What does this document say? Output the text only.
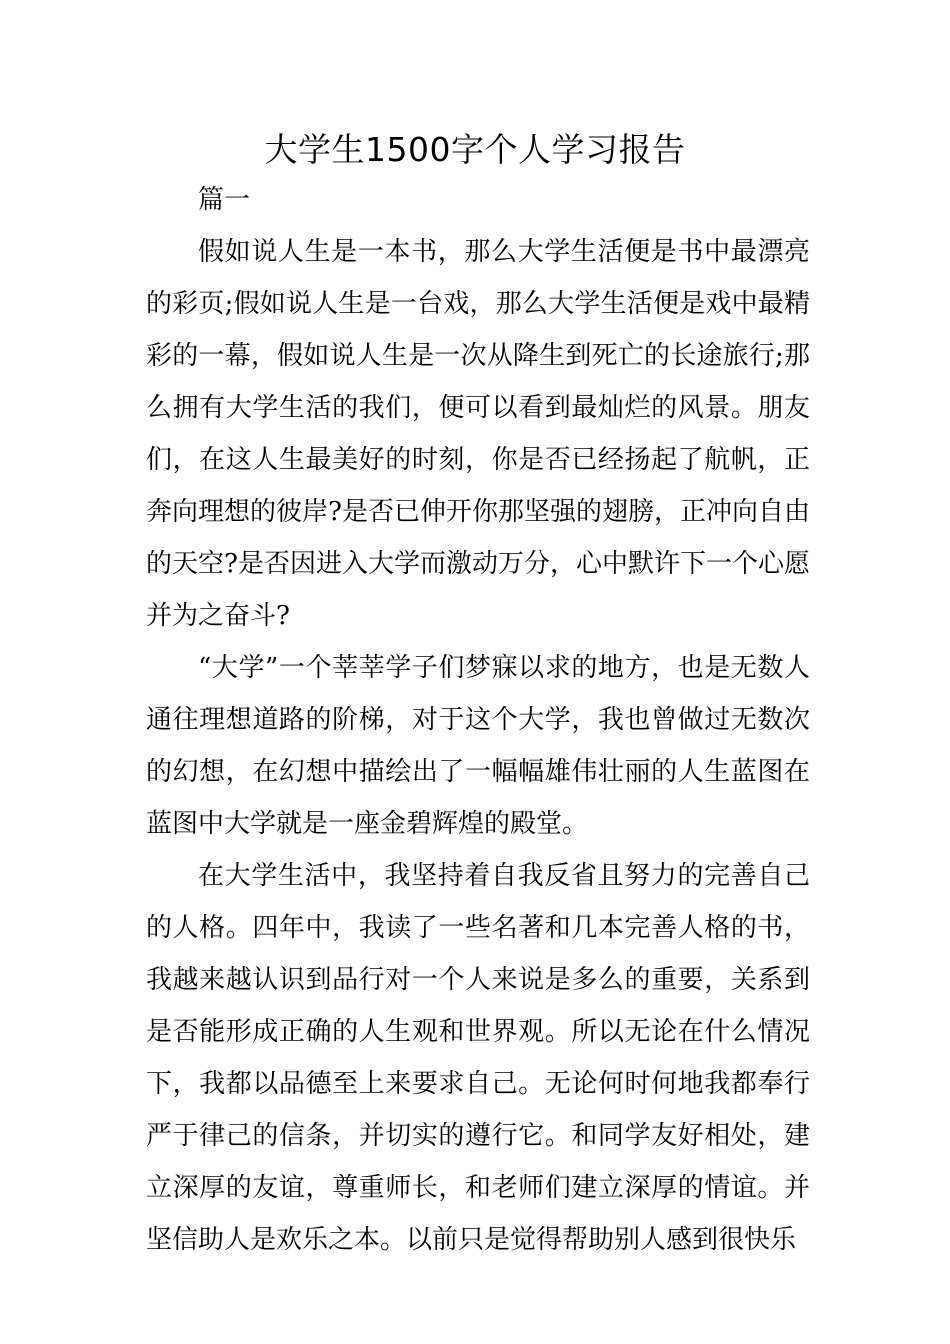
大学生1500字个人学习报告

篇一

假如说人生是一本书，那么大学生活便是书中最漂亮的彩页;假如说人生是一台戏，那么大学生活便是戏中最精彩的一幕，假如说人生是一次从降生到死亡的长途旅行;那么拥有大学生活的我们，便可以看到最灿烂的风景。朋友们，在这人生最美好的时刻，你是否已经扬起了航帆，正奔向理想的彼岸?是否已伸开你那坚强的翅膀，正冲向自由的天空?是否因进入大学而激动万分，心中默许下一个心愿并为之奋斗?

“大学”一个莘莘学子们梦寐以求的地方，也是无数人通往理想道路的阶梯，对于这个大学，我也曾做过无数次的幻想，在幻想中描绘出了一幅幅雄伟壮丽的人生蓝图在蓝图中大学就是一座金碧辉煌的殿堂。

在大学生活中，我坚持着自我反省且努力的完善自己的人格。四年中，我读了一些名著和几本完善人格的书，我越来越认识到品行对一个人来说是多么的重要，关系到是否能形成正确的人生观和世界观。所以无论在什么情况下，我都以品德至上来要求自己。无论何时何地我都奉行严于律己的信条，并切实的遵行它。和同学友好相处，建立深厚的友谊，尊重师长，和老师们建立深厚的情谊。并坚信助人是欢乐之本。以前只是觉得帮助别人感到很快乐
